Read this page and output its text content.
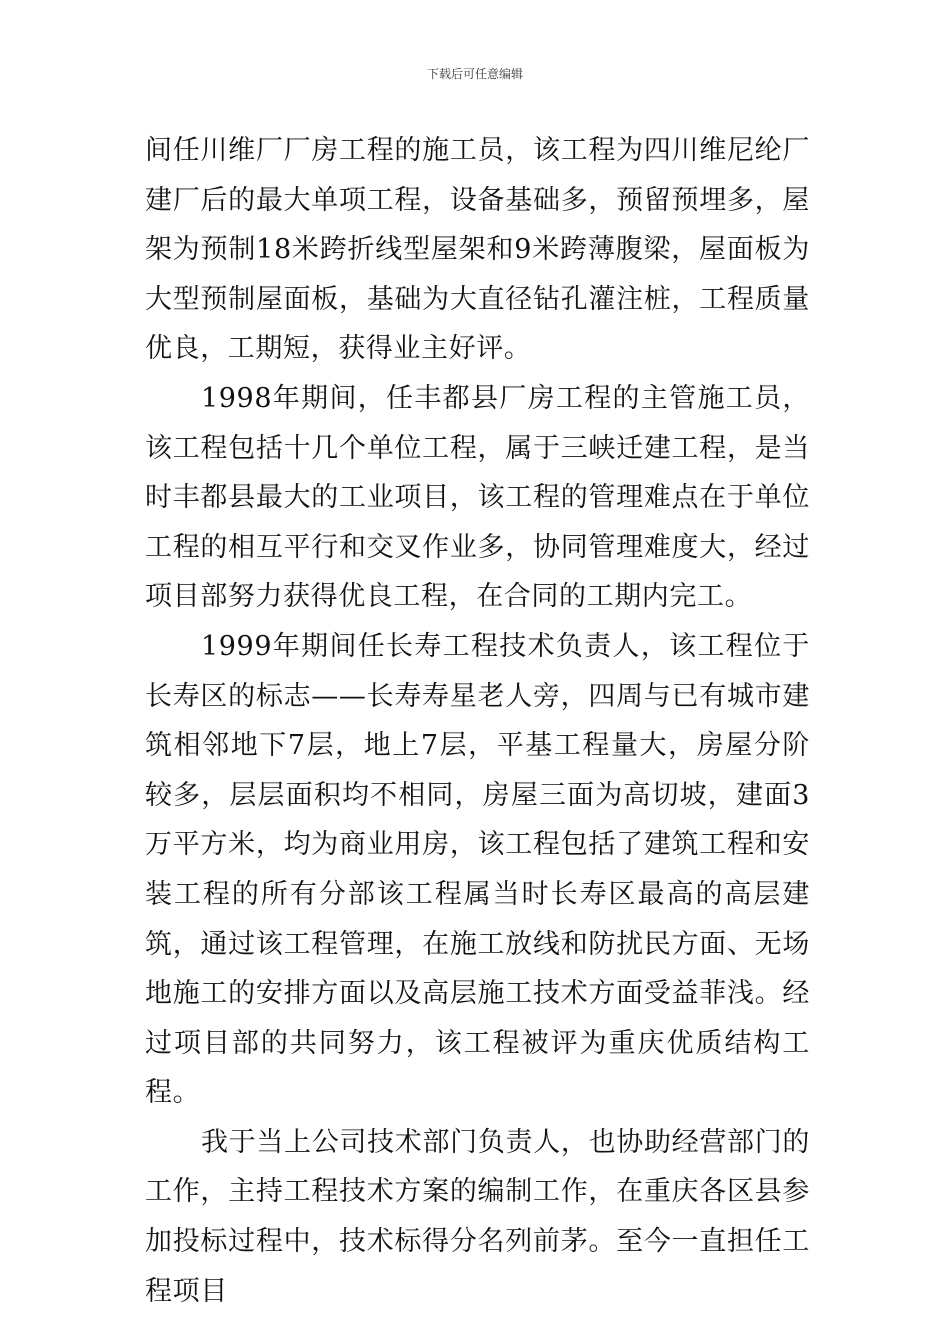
下载后可任意编辑

间任川维厂厂房工程的施工员，该工程为四川维尼纶厂建厂后的最大单项工程，设备基础多，预留预埋多，屋架为预制18米跨折线型屋架和9米跨薄腹梁，屋面板为大型预制屋面板，基础为大直径钻孔灌注桩，工程质量优良，工期短，获得业主好评。

1998年期间，任丰都县厂房工程的主管施工员，该工程包括十几个单位工程，属于三峡迁建工程，是当时丰都县最大的工业项目，该工程的管理难点在于单位工程的相互平行和交叉作业多，协同管理难度大，经过项目部努力获得优良工程，在合同的工期内完工。

1999年期间任长寿工程技术负责人，该工程位于长寿区的标志——长寿寿星老人旁，四周与已有城市建筑相邻地下7层，地上7层，平基工程量大，房屋分阶较多，层层面积均不相同，房屋三面为高切坡，建面3万平方米，均为商业用房，该工程包括了建筑工程和安装工程的所有分部该工程属当时长寿区最高的高层建筑，通过该工程管理，在施工放线和防扰民方面、无场地施工的安排方面以及高层施工技术方面受益菲浅。经过项目部的共同努力，该工程被评为重庆优质结构工程。

我于当上公司技术部门负责人，也协助经营部门的工作，主持工程技术方案的编制工作，在重庆各区县参加投标过程中，技术标得分名列前茅。至今一直担任工程项目
